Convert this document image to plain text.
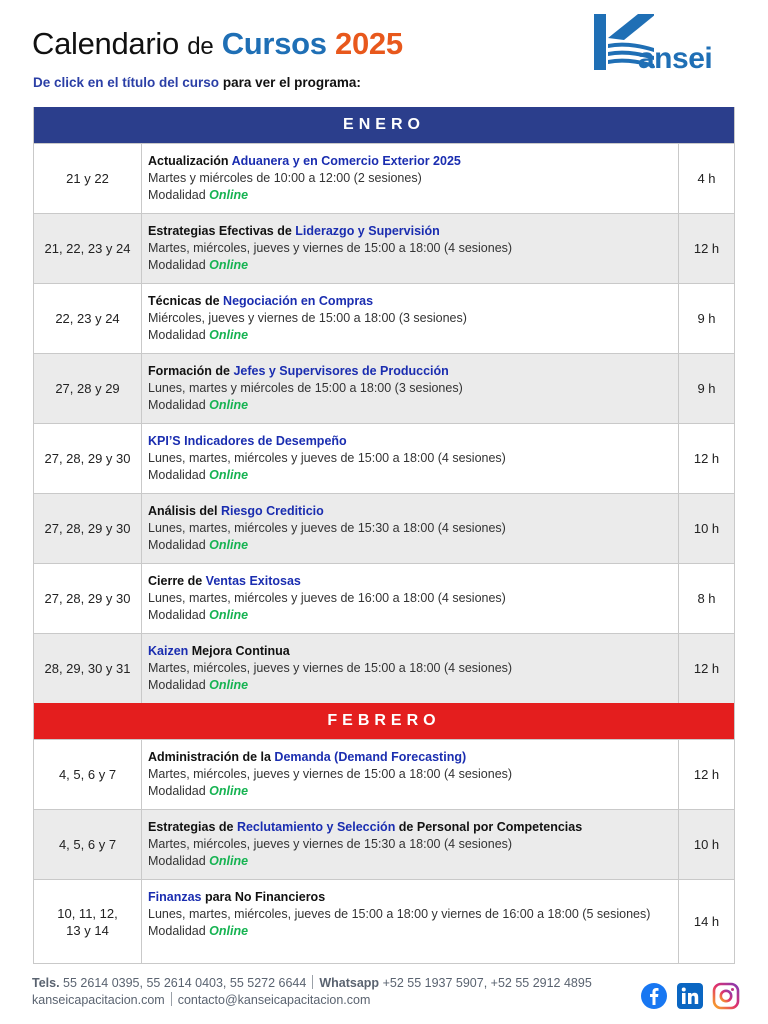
Calendario de Cursos 2025
De click en el título del curso para ver el programa:
ansei
ENERO
21 y 22
Actualización Aduanera y en Comercio Exterior 2025
Martes y miércoles de 10:00 a 12:00 (2 sesiones)
Modalidad Online
4 h
21, 22, 23 y 24
Estrategias Efectivas de Liderazgo y Supervisión
Martes, miércoles, jueves y viernes de 15:00 a 18:00 (4 sesiones)
Modalidad Online
12 h
22, 23 y 24
Técnicas de Negociación en Compras
Miércoles, jueves y viernes de 15:00 a 18:00 (3 sesiones)
Modalidad Online
9 h
27, 28 y 29
Formación de Jefes y Supervisores de Producción
Lunes, martes y miércoles de 15:00 a 18:00 (3 sesiones)
Modalidad Online
9 h
27, 28, 29 y 30
KPI’S Indicadores de Desempeño
Lunes, martes, miércoles y jueves de 15:00 a 18:00 (4 sesiones)
Modalidad Online
12 h
27, 28, 29 y 30
Análisis del Riesgo Crediticio
Lunes, martes, miércoles y jueves de 15:30 a 18:00 (4 sesiones)
Modalidad Online
10 h
27, 28, 29 y 30
Cierre de Ventas Exitosas
Lunes, martes, miércoles y jueves de 16:00 a 18:00 (4 sesiones)
Modalidad Online
8 h
28, 29, 30 y 31
Kaizen Mejora Continua
Martes, miércoles, jueves y viernes de 15:00 a 18:00 (4 sesiones)
Modalidad Online
12 h
FEBRERO
4, 5, 6 y 7
Administración de la Demanda (Demand Forecasting)
Martes, miércoles, jueves y viernes de 15:00 a 18:00 (4 sesiones)
Modalidad Online
12 h
4, 5, 6 y 7
Estrategias de Reclutamiento y Selección de Personal por Competencias
Martes, miércoles, jueves y viernes de 15:30 a 18:00 (4 sesiones)
Modalidad Online
10 h
10, 11, 12,
13 y 14
Finanzas para No Financieros
Lunes, martes, miércoles, jueves de 15:00 a 18:00 y viernes de 16:00 a 18:00 (5 sesiones)
Modalidad Online
14 h
Tels. 55 2614 0395, 55 2614 0403, 55 5272 6644 Whatsapp +52 55 1937 5907, +52 55 2912 4895
kanseicapacitacion.com contacto@kanseicapacitacion.com
